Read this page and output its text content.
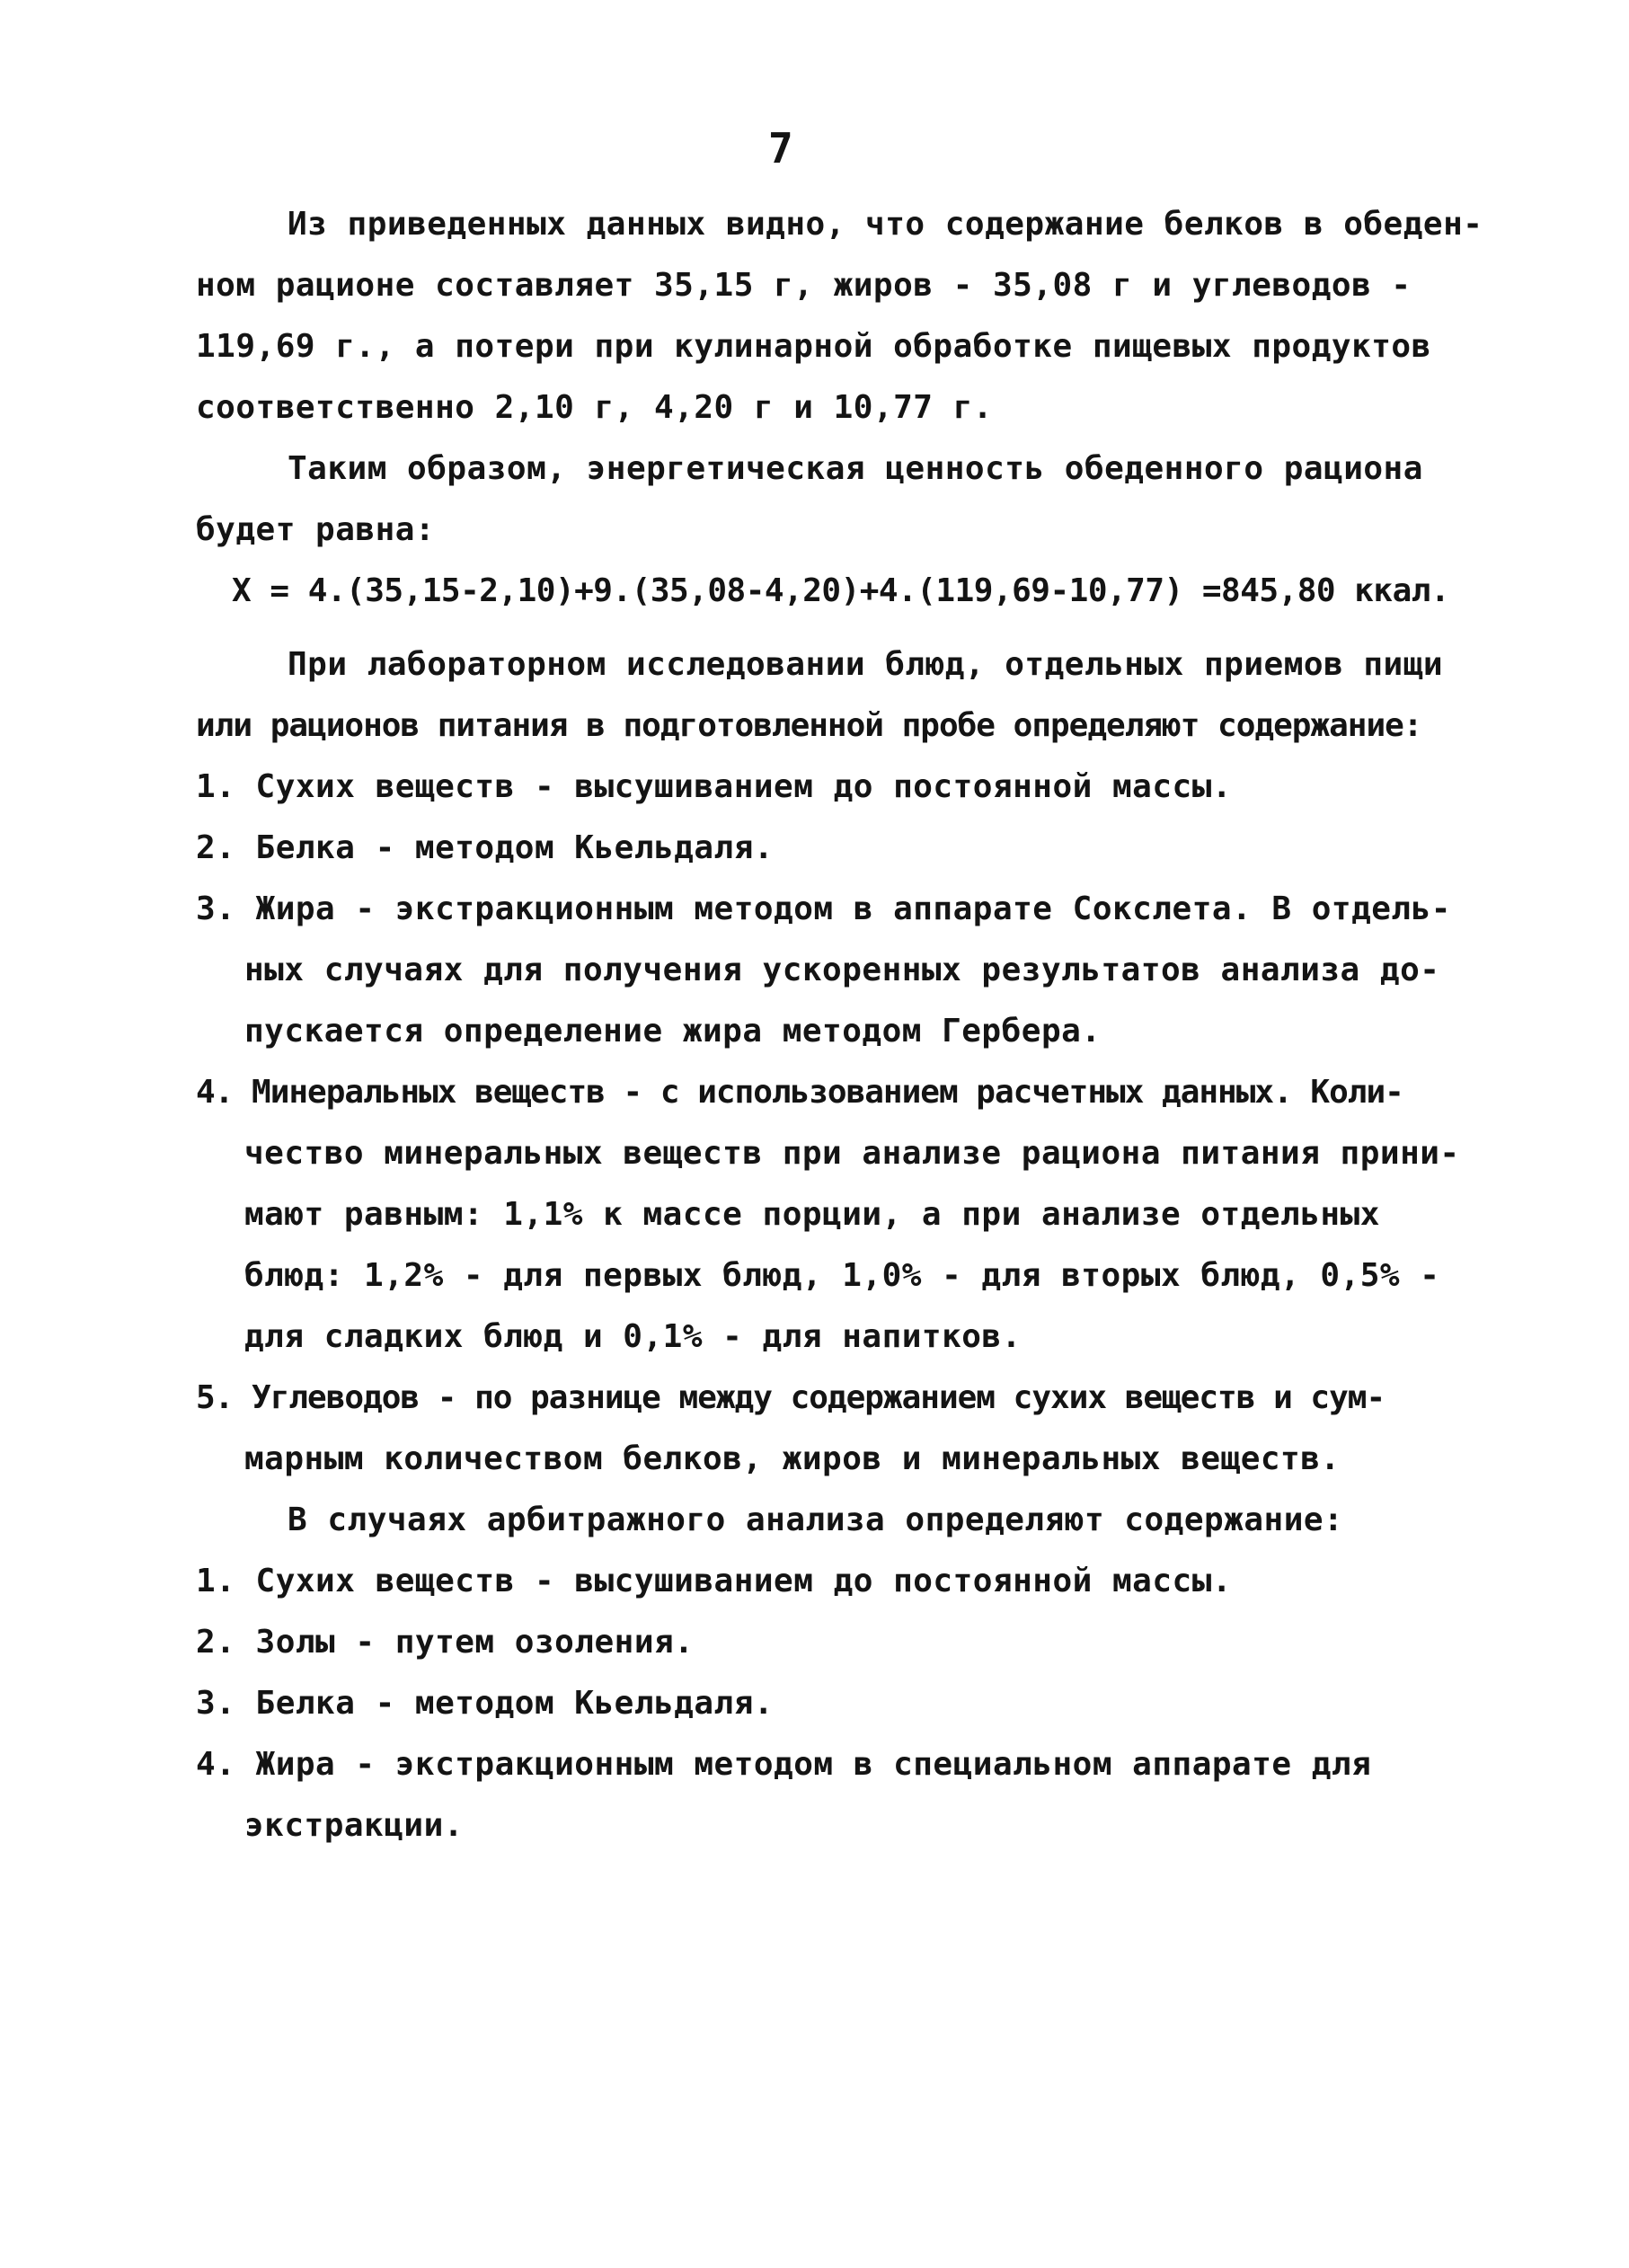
7
Из приведенных данных видно, что содержание белков в обеден-
ном рационе составляет 35,15 г, жиров - 35,08 г и углеводов -
119,69 г., а потери при кулинарной обработке пищевых продуктов
соответственно 2,10 г, 4,20 г и 10,77 г.
Таким образом, энергетическая ценность обеденного рациона
будет равна:
X = 4.(35,15-2,10)+9.(35,08-4,20)+4.(119,69-10,77) =845,80 ккал.
При лабораторном исследовании блюд, отдельных приемов пищи
или рационов питания в подготовленной пробе определяют содержание:
1. Сухих веществ - высушиванием до постоянной массы.
2. Белка - методом Кьельдаля.
3. Жира - экстракционным методом в аппарате Сокслета. В отдель-
ных случаях для получения ускоренных результатов анализа до-
пускается определение жира методом Гербера.
4. Минеральных веществ - с использованием расчетных данных. Коли-
чество минеральных веществ при анализе рациона питания прини-
мают равным: 1,1% к массе порции, а при анализе отдельных
блюд: 1,2% - для первых блюд, 1,0% - для вторых блюд, 0,5% -
для сладких блюд и 0,1% - для напитков.
5. Углеводов - по разнице между содержанием сухих веществ и сум-
марным количеством белков, жиров и минеральных веществ.
В случаях арбитражного анализа определяют содержание:
1. Сухих веществ - высушиванием до постоянной массы.
2. Золы - путем озоления.
3. Белка - методом Кьельдаля.
4. Жира - экстракционным методом в специальном аппарате для
экстракции.
